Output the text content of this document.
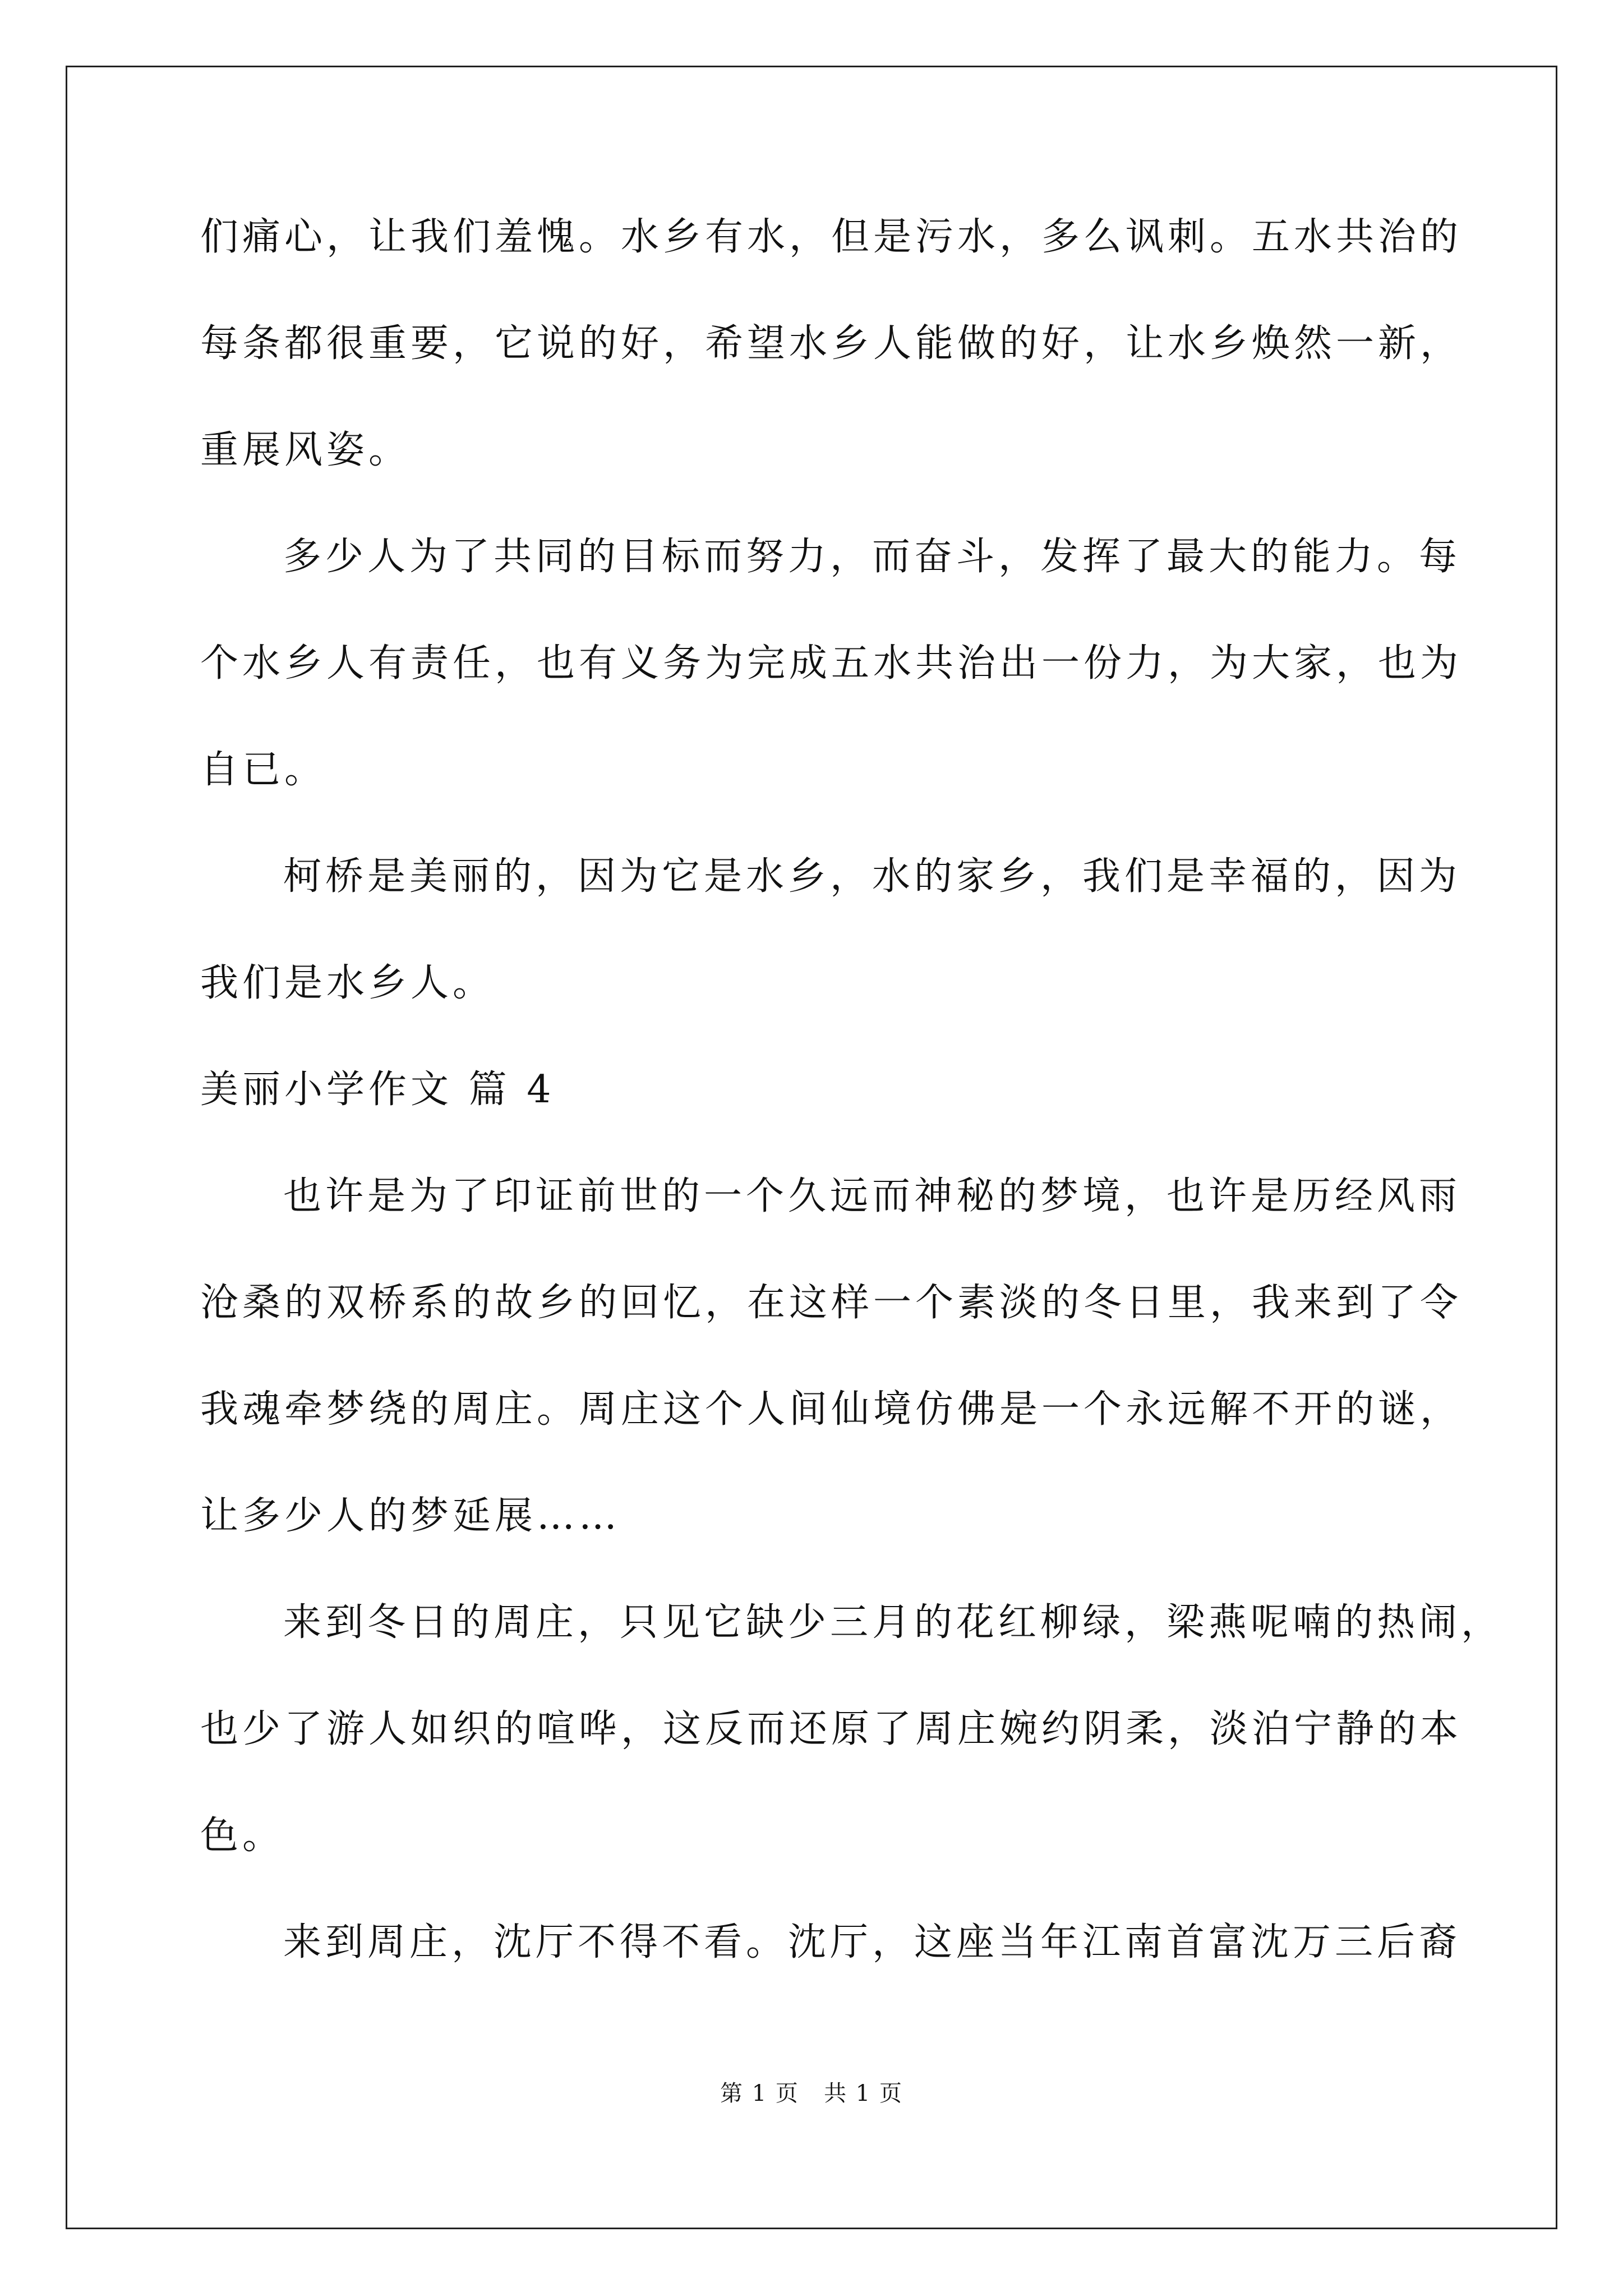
们痛心，让我们羞愧。水乡有水，但是污水，多么讽刺。五水共治的
每条都很重要，它说的好，希望水乡人能做的好，让水乡焕然一新，
重展风姿。
多少人为了共同的目标而努力，而奋斗，发挥了最大的能力。每
个水乡人有责任，也有义务为完成五水共治出一份力，为大家，也为
自已。
柯桥是美丽的，因为它是水乡，水的家乡，我们是幸福的，因为
我们是水乡人。
美丽小学作文 篇 4
也许是为了印证前世的一个久远而神秘的梦境，也许是历经风雨
沧桑的双桥系的故乡的回忆，在这样一个素淡的冬日里，我来到了令
我魂牵梦绕的周庄。周庄这个人间仙境仿佛是一个永远解不开的谜，
让多少人的梦延展……
来到冬日的周庄，只见它缺少三月的花红柳绿，梁燕呢喃的热闹，
也少了游人如织的喧哗，这反而还原了周庄婉约阴柔，淡泊宁静的本
色。
来到周庄，沈厅不得不看。沈厅，这座当年江南首富沈万三后裔
第 1 页   共 1 页
